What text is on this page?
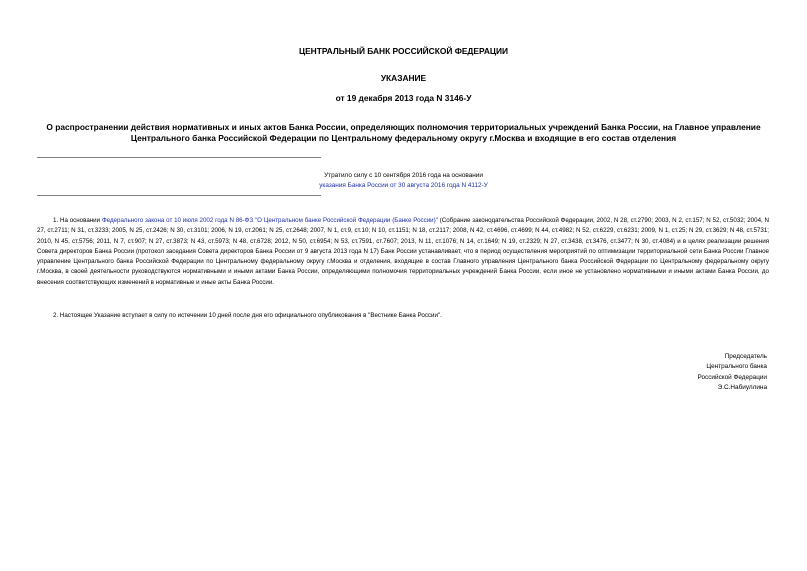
ЦЕНТРАЛЬНЫЙ БАНК РОССИЙСКОЙ ФЕДЕРАЦИИ
УКАЗАНИЕ
от 19 декабря 2013 года N 3146-У
О распространении действия нормативных и иных актов Банка России, определяющих полномочия территориальных учреждений Банка России, на Главное управление Центрального банка Российской Федерации по Центральному федеральному округу г.Москва и входящие в его состав отделения
Утратило силу с 10 сентября 2016 года на основании
указания Банка России от 30 августа 2016 года N 4112-У
1. На основании Федерального закона от 10 июля 2002 года N 86-ФЗ "О Центральном банке Российской Федерации (Банке России)" (Собрание законодательства Российской Федерации, 2002, N 28, ст.2790; 2003, N 2, ст.157; N 52, ст.5032; 2004, N 27, ст.2711; N 31, ст.3233; 2005, N 25, ст.2426; N 30, ст.3101; 2006, N 19, ст.2061; N 25, ст.2648; 2007, N 1, ст.9, ст.10; N 10, ст.1151; N 18, ст.2117; 2008, N 42, ст.4696, ст.4699; N 44, ст.4982; N 52, ст.6229, ст.6231; 2009, N 1, ст.25; N 29, ст.3629; N 48, ст.5731; 2010, N 45, ст.5756; 2011, N 7, ст.907; N 27, ст.3873; N 43, ст.5973; N 48, ст.6728; 2012, N 50, ст.6954; N 53, ст.7591, ст.7607; 2013, N 11, ст.1076; N 14, ст.1649; N 19, ст.2329; N 27, ст.3438, ст.3476, ст.3477; N 30, ст.4084) и в целях реализации решения Совета директоров Банка России (протокол заседания Совета директоров Банка России от 9 августа 2013 года N 17) Банк России устанавливает, что в период осуществления мероприятий по оптимизации территориальной сети Банка России Главное управление Центрального банка Российской Федерации по Центральному федеральному округу г.Москва и отделения, входящие в состав Главного управления Центрального банка Российской Федерации по Центральному федеральному округу г.Москва, в своей деятельности руководствуются нормативными и иными актами Банка России, определяющими полномочия территориальных учреждений Банка России, если иное не установлено нормативными и иными актами Банка России, до внесения соответствующих изменений в нормативные и иные акты Банка России.
2. Настоящее Указание вступает в силу по истечении 10 дней после дня его официального опубликования в "Вестнике Банка России".
Председатель
Центрального банка
Российской Федерации
Э.С.Набиуллина
